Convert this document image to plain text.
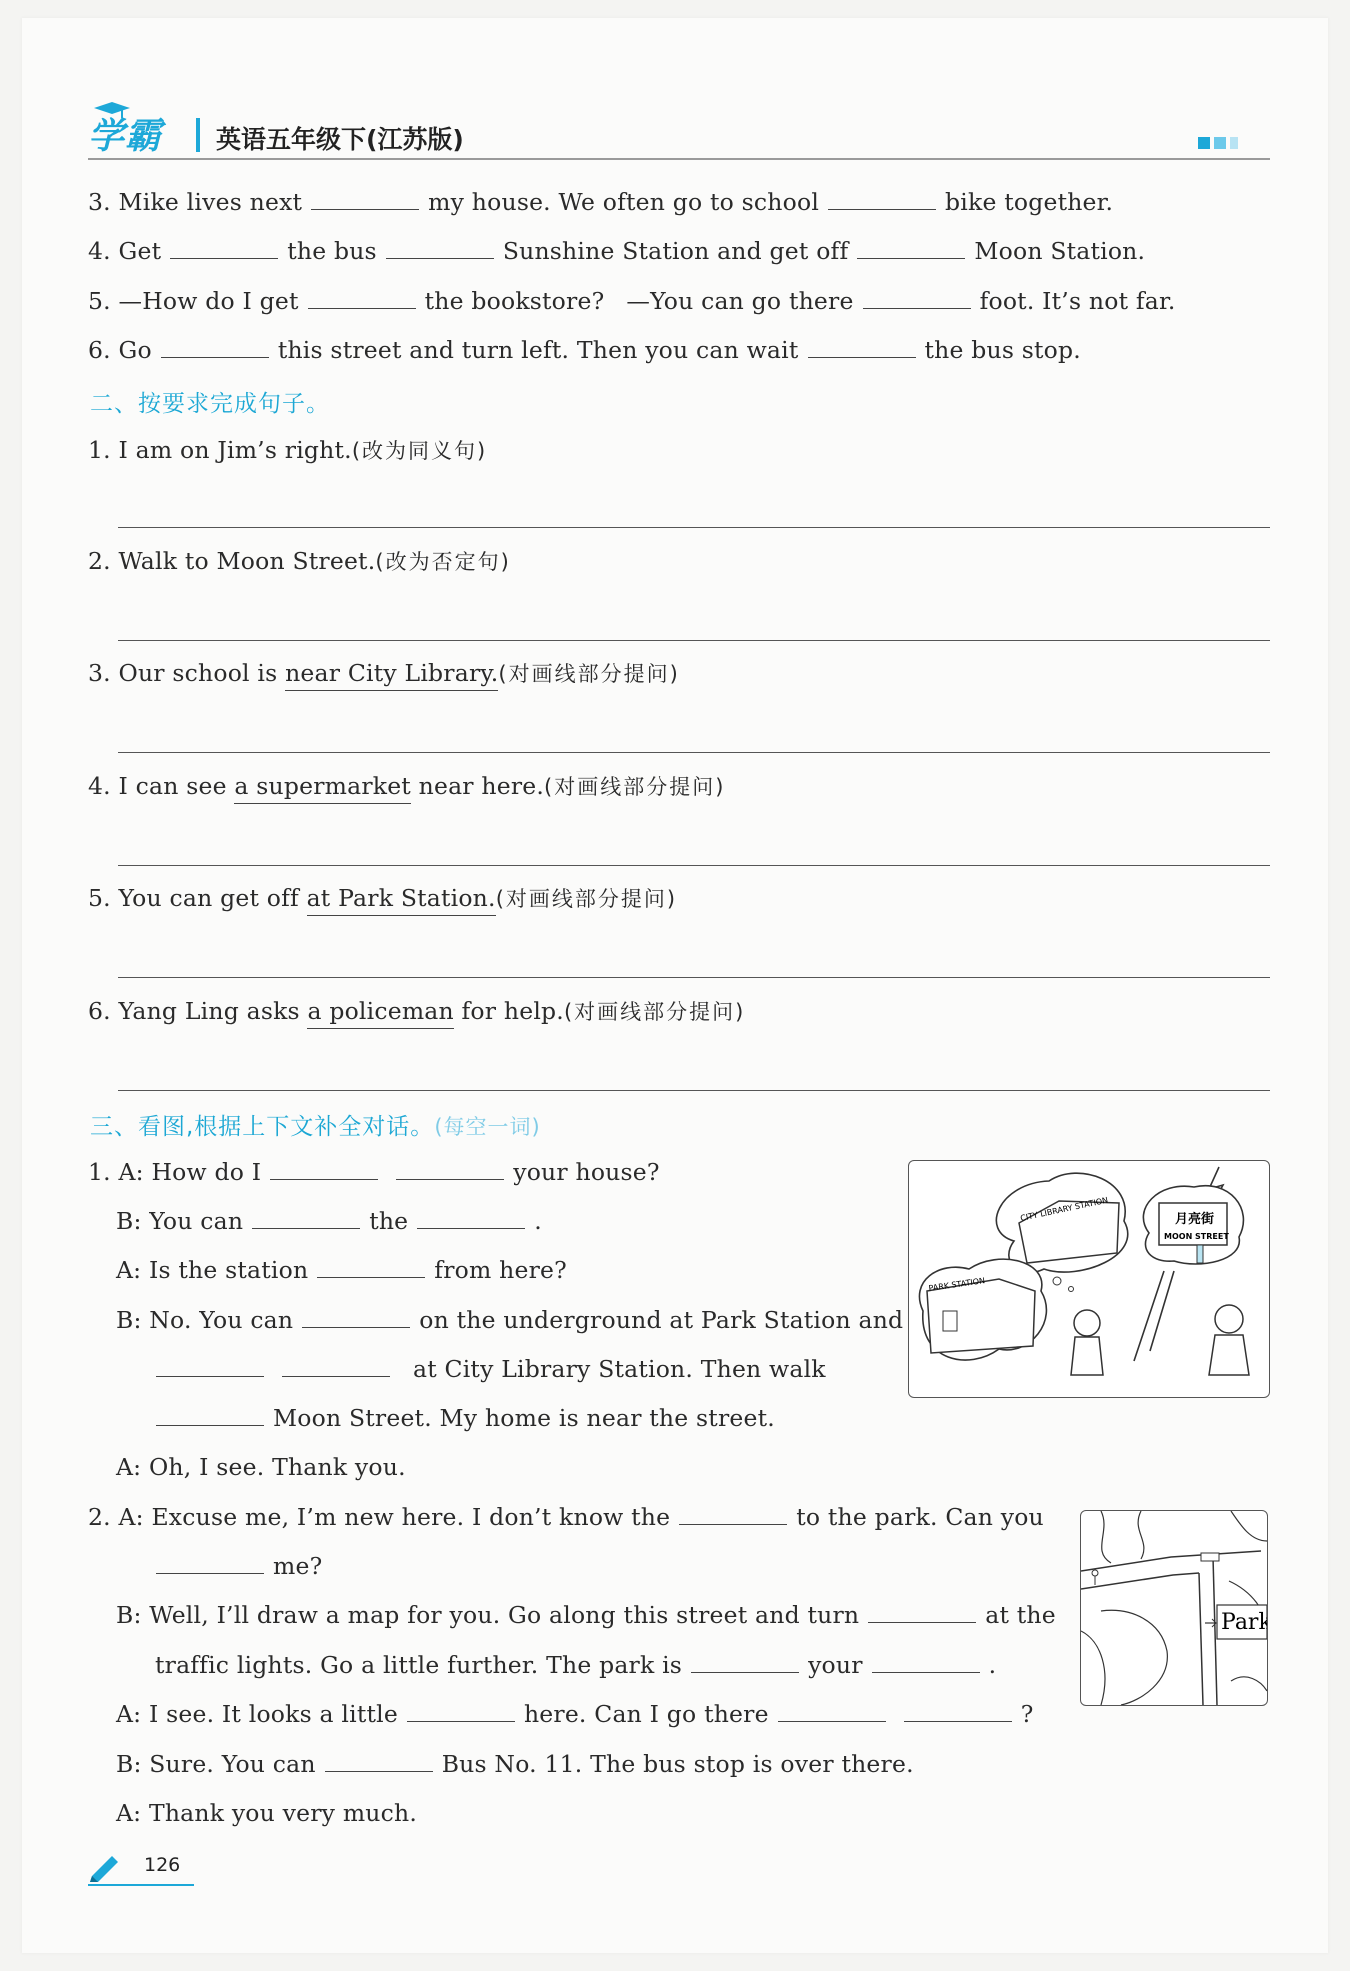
学霸 英语五年级下(江苏版)
3. Mike lives next	my house. We often go to school	bike together.
4. Get	the bus	Sunshine Station and get off	Moon Station.
5. —How do I get	the bookstore? —You can go there	foot. It’s not far.
6. Go	this street and turn left. Then you can wait	the bus stop.
二、按要求完成句子。
1. I am on Jim’s right.(改为同义句)
2. Walk to Moon Street.(改为否定句)
3. Our school is near City Library.(对画线部分提问)
4. I can see a supermarket near here.(对画线部分提问)
5. You can get off at Park Station.(对画线部分提问)
6. Yang Ling asks a policeman for help.(对画线部分提问)
三、看图,根据上下文补全对话。(每空一词)
1. A: How do I	your house?
B: You can	the	.
A: Is the station	from here?
B: No. You can	on the underground at Park Station and
at City Library Station. Then walk
Moon Street. My home is near the street.
A: Oh, I see. Thank you.
CITY LIBRARY STATION	月亮街
MOON STREET
PARK STATION
2. A: Excuse me, I’m new here. I don’t know the	to the park. Can you
me?
B: Well, I’ll draw a map for you. Go along this street and turn	at the
traffic lights. Go a little further. The park is	your	.
A: I see. It looks a little	here. Can I go there	?
B: Sure. You can	Bus No. 11. The bus stop is over there.
A: Thank you very much.
Park
126
